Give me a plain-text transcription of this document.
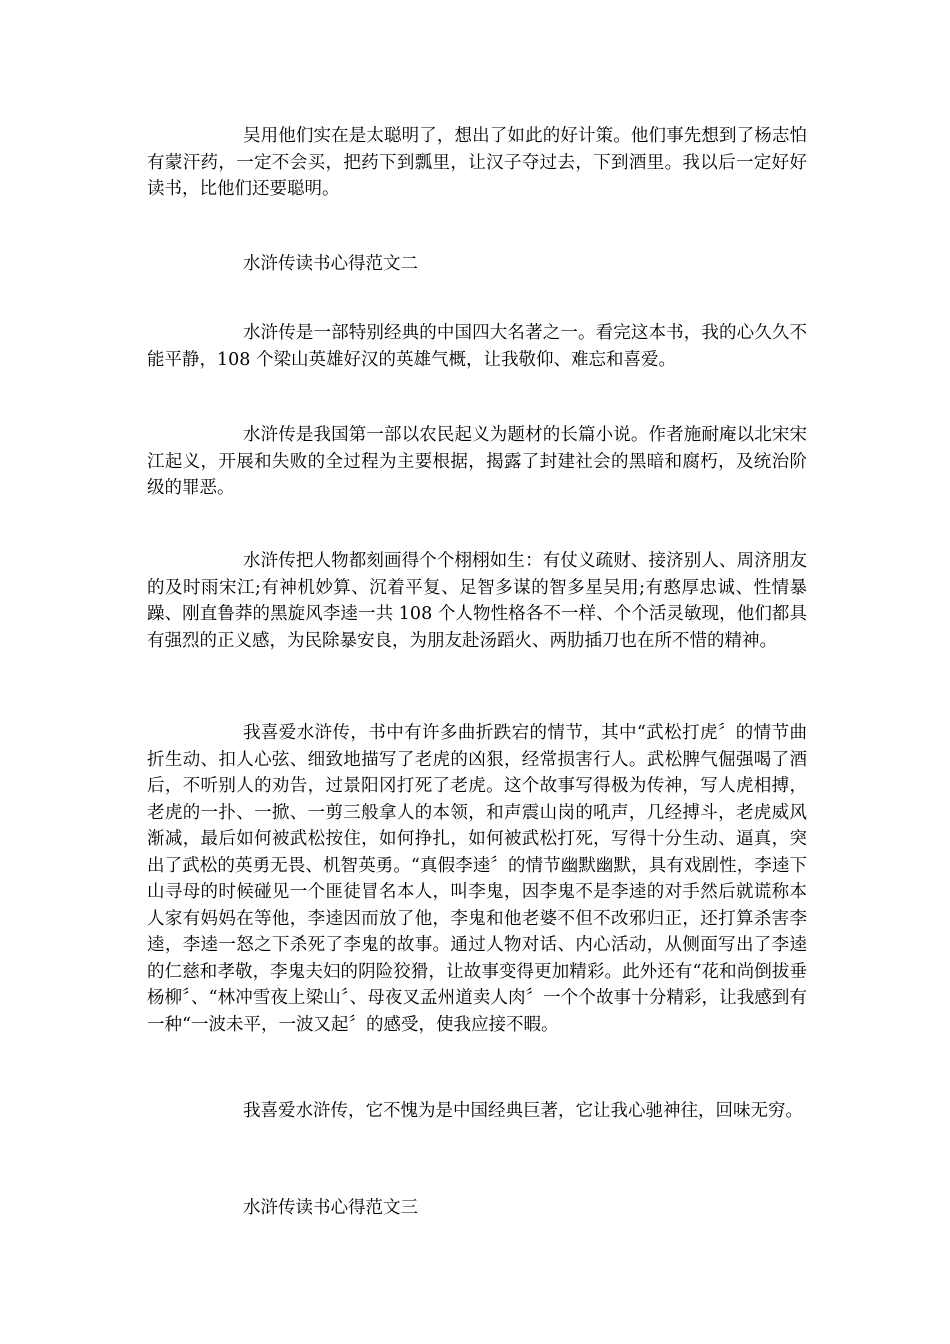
吴用他们实在是太聪明了，想出了如此的好计策。他们事先想到了杨志怕有蒙汗药，一定不会买，把药下到瓢里，让汉子夺过去，下到酒里。我以后一定好好读书，比他们还要聪明。

水浒传读书心得范文二

水浒传是一部特别经典的中国四大名著之一。看完这本书，我的心久久不能平静，108 个梁山英雄好汉的英雄气概，让我敬仰、难忘和喜爱。

水浒传是我国第一部以农民起义为题材的长篇小说。作者施耐庵以北宋宋江起义，开展和失败的全过程为主要根据，揭露了封建社会的黑暗和腐朽，及统治阶级的罪恶。

水浒传把人物都刻画得个个栩栩如生：有仗义疏财、接济别人、周济朋友的及时雨宋江;有神机妙算、沉着平复、足智多谋的智多星吴用;有憨厚忠诚、性情暴躁、刚直鲁莽的黑旋风李逵一共 108 个人物性格各不一样、个个活灵敏现，他们都具有强烈的正义感，为民除暴安良，为朋友赴汤蹈火、两肋插刀也在所不惜的精神。

我喜爱水浒传，书中有许多曲折跌宕的情节，其中“武松打虎〞的情节曲折生动、扣人心弦、细致地描写了老虎的凶狠，经常损害行人。武松脾气倔强喝了酒后，不听别人的劝告，过景阳冈打死了老虎。这个故事写得极为传神，写人虎相搏，老虎的一扑、一掀、一剪三般拿人的本领，和声震山岗的吼声，几经搏斗，老虎威风渐减，最后如何被武松按住，如何挣扎，如何被武松打死，写得十分生动、逼真，突出了武松的英勇无畏、机智英勇。“真假李逵〞的情节幽默幽默，具有戏剧性，李逵下山寻母的时候碰见一个匪徒冒名本人，叫李鬼，因李鬼不是李逵的对手然后就谎称本人家有妈妈在等他，李逵因而放了他，李鬼和他老婆不但不改邪归正，还打算杀害李逵，李逵一怒之下杀死了李鬼的故事。通过人物对话、内心活动，从侧面写出了李逵的仁慈和孝敬，李鬼夫妇的阴险狡猾，让故事变得更加精彩。此外还有“花和尚倒拔垂杨柳〞、“林冲雪夜上梁山〞、母夜叉孟州道卖人肉〞一个个故事十分精彩，让我感到有一种“一波未平，一波又起〞的感受，使我应接不暇。

我喜爱水浒传，它不愧为是中国经典巨著，它让我心驰神往，回味无穷。

水浒传读书心得范文三
